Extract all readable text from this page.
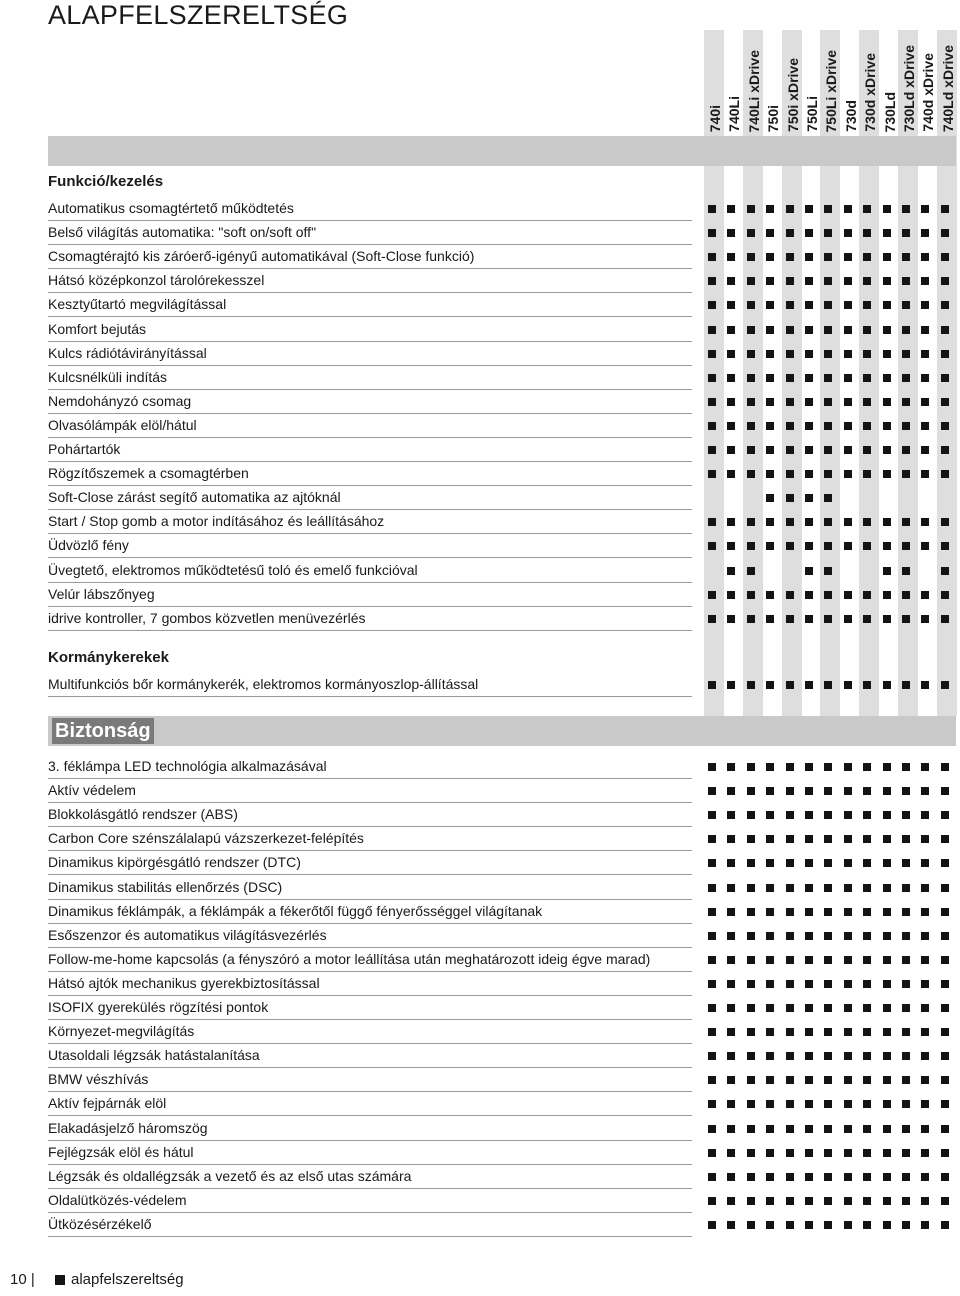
ALAPFELSZERELTSÉG
740i 740Li 740Li xDrive 750i 750i xDrive 750Li 750Li xDrive 730d 730d xDrive 730Ld 730Ld xDrive 740d xDrive 740Ld xDrive
Funkció/kezelés
Automatikus csomagtértető működtetés
Belső világítás automatika: "soft on/soft off"
Csomagtérajtó kis záróerő-igényű automatikával (Soft-Close funkció)
Hátsó középkonzol tárolórekesszel
Kesztyűtartó megvilágítással
Komfort bejutás
Kulcs rádiótávirányítással
Kulcsnélküli indítás
Nemdohányzó csomag
Olvasólámpák elöl/hátul
Pohártartók
Rögzítőszemek a csomagtérben
Soft-Close zárást segítő automatika az ajtóknál
Start / Stop gomb a motor indításához és leállításához
Üdvözlő fény
Üvegtető, elektromos működtetésű toló és emelő funkcióval
Velúr lábszőnyeg
idrive kontroller, 7 gombos közvetlen menüvezérlés
Kormánykerekek
Multifunkciós bőr kormánykerék, elektromos kormányoszlop-állítással
Biztonság
3. féklámpa LED technológia alkalmazásával
Aktív védelem
Blokkolásgátló rendszer (ABS)
Carbon Core szénszálalapú vázszerkezet-felépítés
Dinamikus kipörgésgátló rendszer (DTC)
Dinamikus stabilitás ellenőrzés (DSC)
Dinamikus féklámpák, a féklámpák a fékerőtől függő fényerősséggel világítanak
Esőszenzor és automatikus világításvezérlés
Follow-me-home kapcsolás (a fényszóró a motor leállítása után meghatározott ideig égve marad)
Hátsó ajtók mechanikus gyerekbiztosítással
ISOFIX gyerekülés rögzítési pontok
Környezet-megvilágítás
Utasoldali légzsák hatástalanítása
BMW vészhívás
Aktív fejpárnák elöl
Elakadásjelző háromszög
Fejlégzsák elöl és hátul
Légzsák és oldallégzsák a vezető és az első utas számára
Oldalütközés-védelem
Ütközésérzékelő
10 | alapfelszereltség
